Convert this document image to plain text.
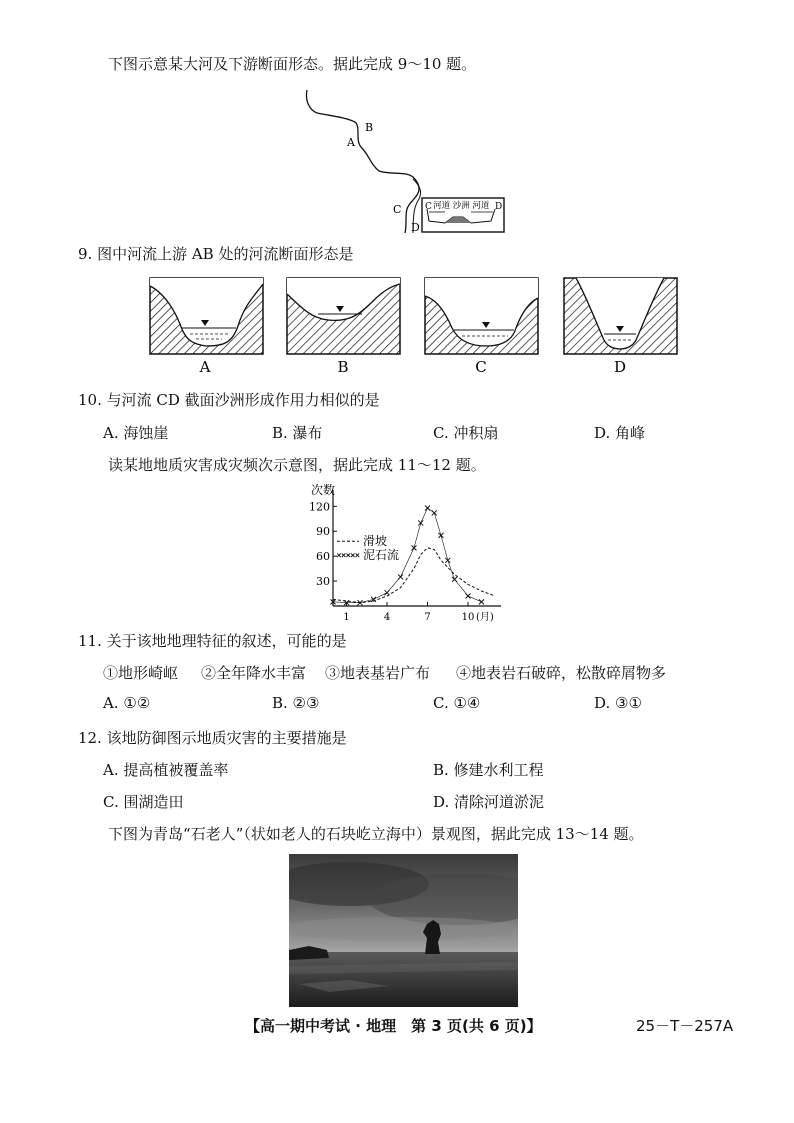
下图示意某大河及下游断面形态。据此完成 9～10 题。
B
A
C
D
C	D
河道 沙洲 河道
9. 图中河流上游 AB 处的河流断面形态是
A	B	C	D
10. 与河流 CD 截面沙洲形成作用力相似的是
A. 海蚀崖	B. 瀑布	C. 冲积扇	D. 角峰
读某地地质灾害成灾频次示意图，据此完成 11～12 题。
次数
30
60
90
120
1	4	7	10 (月)
滑坡
泥石流
11. 关于该地地理特征的叙述，可能的是
①地形崎岖 ②全年降水丰富 ③地表基岩广布 ④地表岩石破碎，松散碎屑物多
A. ①②	B. ②③	C. ①④	D. ③①
12. 该地防御图示地质灾害的主要措施是
A. 提高植被覆盖率	B. 修建水利工程
C. 围湖造田	D. 清除河道淤泥
下图为青岛“石老人”（状如老人的石块屹立海中）景观图，据此完成 13～14 题。
【高一期中考试 · 地理　第 3 页(共 6 页)】	25－T－257A
